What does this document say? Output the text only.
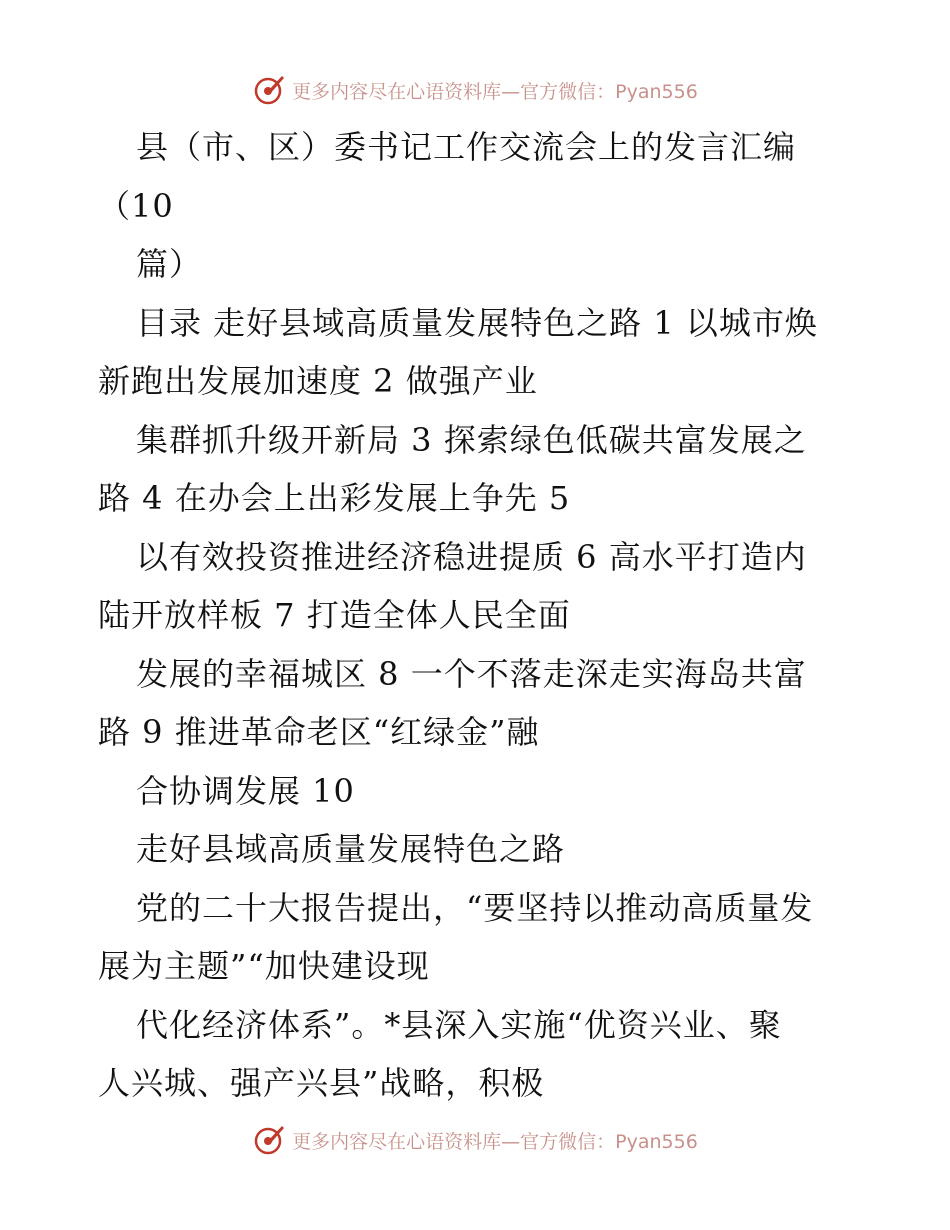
更多内容尽在心语资料库—官方微信：Pyan556
县（市、区）委书记工作交流会上的发言汇编
（10
篇）
目录 走好县域高质量发展特色之路 1 以城市焕
新跑出发展加速度 2 做强产业
集群抓升级开新局 3 探索绿色低碳共富发展之
路 4 在办会上出彩发展上争先 5
以有效投资推进经济稳进提质 6 高水平打造内
陆开放样板 7 打造全体人民全面
发展的幸福城区 8 一个不落走深走实海岛共富
路 9 推进革命老区“红绿金”融
合协调发展 10
走好县域高质量发展特色之路
党的二十大报告提出，“要坚持以推动高质量发
展为主题”“加快建设现
代化经济体系”。*县深入实施“优资兴业、聚
人兴城、强产兴县”战略，积极
更多内容尽在心语资料库—官方微信：Pyan556
